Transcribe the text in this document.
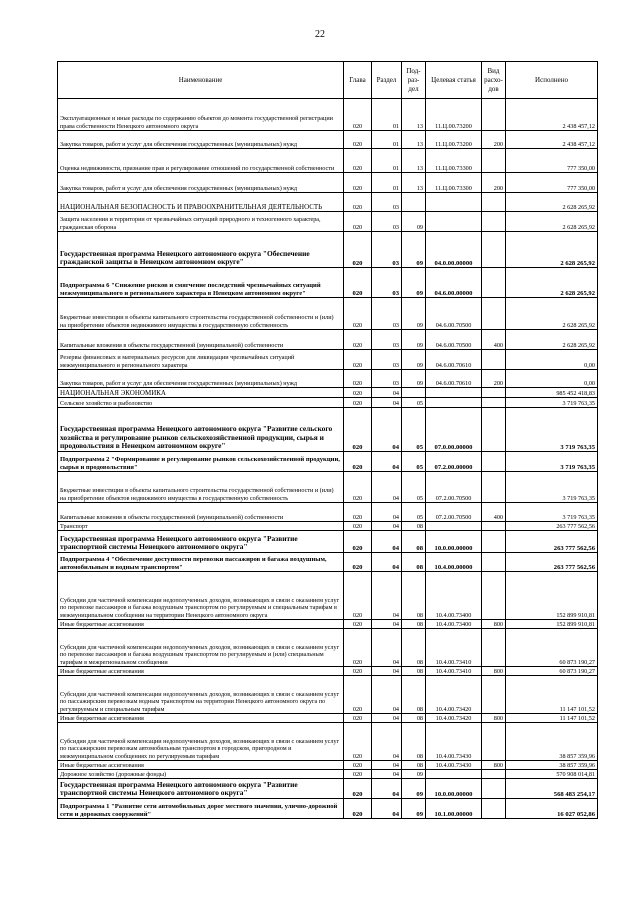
22
Наименование	Глава	Раздел	Под-раз-дел	Целевая статья	Вид расхо-дов	Исполнено
Эксплуатационные и иные расходы по содержанию объектов до момента государственной регистрации права собственности Ненецкого автономного округа	020	01	13	11.Ц.00.73200		2 438 457,12
Закупка товаров, работ и услуг для обеспечения государственных (муниципальных) нужд	020	01	13	11.Ц.00.73200	200	2 438 457,12
Оценка недвижимости, признание прав и регулирование отношений по государственной собственности	020	01	13	11.Ц.00.73300		777 350,00
Закупка товаров, работ и услуг для обеспечения государственных (муниципальных) нужд	020	01	13	11.Ц.00.73300	200	777 350,00
НАЦИОНАЛЬНАЯ БЕЗОПАСНОСТЬ И ПРАВООХРАНИТЕЛЬНАЯ ДЕЯТЕЛЬНОСТЬ	020	03				2 628 265,92
Защита населения и территории от чрезвычайных ситуаций природного и техногенного характера, гражданская оборона	020	03	09			2 628 265,92
Государственная программа Ненецкого автономного округа "Обеспечение гражданской защиты в Ненецком автономном округе"	020	03	09	04.0.00.00000		2 628 265,92
Подпрограмма 6 "Снижение рисков и смягчение последствий чрезвычайных ситуаций межмуниципального и регионального характера в Ненецком автономном округе"	020	03	09	04.6.00.00000		2 628 265,92
Бюджетные инвестиции в объекты капитального строительства государственной собственности и (или) на приобретение объектов недвижимого имущества в государственную собственность	020	03	09	04.6.00.70500		2 628 265,92
Капитальные вложения в объекты государственной (муниципальной) собственности	020	03	09	04.6.00.70500	400	2 628 265,92
Резервы финансовых и материальных ресурсов для ликвидации чрезвычайных ситуаций межмуниципального и регионального характера	020	03	09	04.6.00.70610		0,00
Закупка товаров, работ и услуг для обеспечения государственных (муниципальных) нужд	020	03	09	04.6.00.70610	200	0,00
НАЦИОНАЛЬНАЯ ЭКОНОМИКА	020	04				985 452 418,83
Сельское хозяйство и рыболовство	020	04	05			3 719 763,35
Государственная программа Ненецкого автономного округа "Развитие сельского хозяйства и регулирование рынков сельскохозяйственной продукции, сырья и продовольствия в Ненецком автономном округе"	020	04	05	07.0.00.00000		3 719 763,35
Подпрограмма 2 "Формирование и регулирование рынков сельскохозяйственной продукции, сырья и продовольствия"	020	04	05	07.2.00.00000		3 719 763,35
Бюджетные инвестиции в объекты капитального строительства государственной собственности и (или) на приобретение объектов недвижимого имущества в государственную собственность	020	04	05	07.2.00.70500		3 719 763,35
Капитальные вложения в объекты государственной (муниципальной) собственности	020	04	05	07.2.00.70500	400	3 719 763,35
Транспорт	020	04	08			263 777 562,56
Государственная программа Ненецкого автономного округа "Развитие транспортной системы Ненецкого автономного округа"	020	04	08	10.0.00.00000		263 777 562,56
Подпрограмма 4 "Обеспечение доступности перевозки пассажиров и багажа воздушным, автомобильным и водным транспортом"	020	04	08	10.4.00.00000		263 777 562,56
Субсидии для частичной компенсации недополученных доходов, возникающих в связи с оказанием услуг по перевозке пассажиров и багажа воздушным транспортом по регулируемым и специальным тарифам в межмуниципальном сообщении на территории Ненецкого автономного округа	020	04	08	10.4.00.73400		152 899 910,81
Иные бюджетные ассигнования	020	04	08	10.4.00.73400	800	152 899 910,81
Субсидии для частичной компенсации недополученных доходов, возникающих в связи с оказанием услуг по перевозке пассажиров и багажа воздушным транспортом по регулируемым и (или) специальным тарифам в межрегиональном сообщении	020	04	08	10.4.00.73410		60 873 190,27
Иные бюджетные ассигнования	020	04	08	10.4.00.73410	800	60 873 190,27
Субсидии для частичной компенсации недополученных доходов, возникающих в связи с оказанием услуг по пассажирским перевозкам водным транспортом на территории Ненецкого автономного округа по регулируемым и специальным тарифам	020	04	08	10.4.00.73420		11 147 101,52
Иные бюджетные ассигнования	020	04	08	10.4.00.73420	800	11 147 101,52
Субсидии для частичной компенсации недополученных доходов, возникающих в связи с оказанием услуг по пассажирским перевозкам автомобильным транспортом в городском, пригородном и межмуниципальном сообщениях по регулируемым тарифам	020	04	08	10.4.00.73430		38 857 359,96
Иные бюджетные ассигнования	020	04	08	10.4.00.73430	800	38 857 359,96
Дорожное хозяйство (дорожные фонды)	020	04	09			570 908 014,81
Государственная программа Ненецкого автономного округа "Развитие транспортной системы Ненецкого автономного округа"	020	04	09	10.0.00.00000		568 483 254,17
Подпрограмма 1 "Развитие сети автомобильных дорог местного значения, улично-дорожной сети и дорожных сооружений"	020	04	09	10.1.00.00000		16 027 052,86
